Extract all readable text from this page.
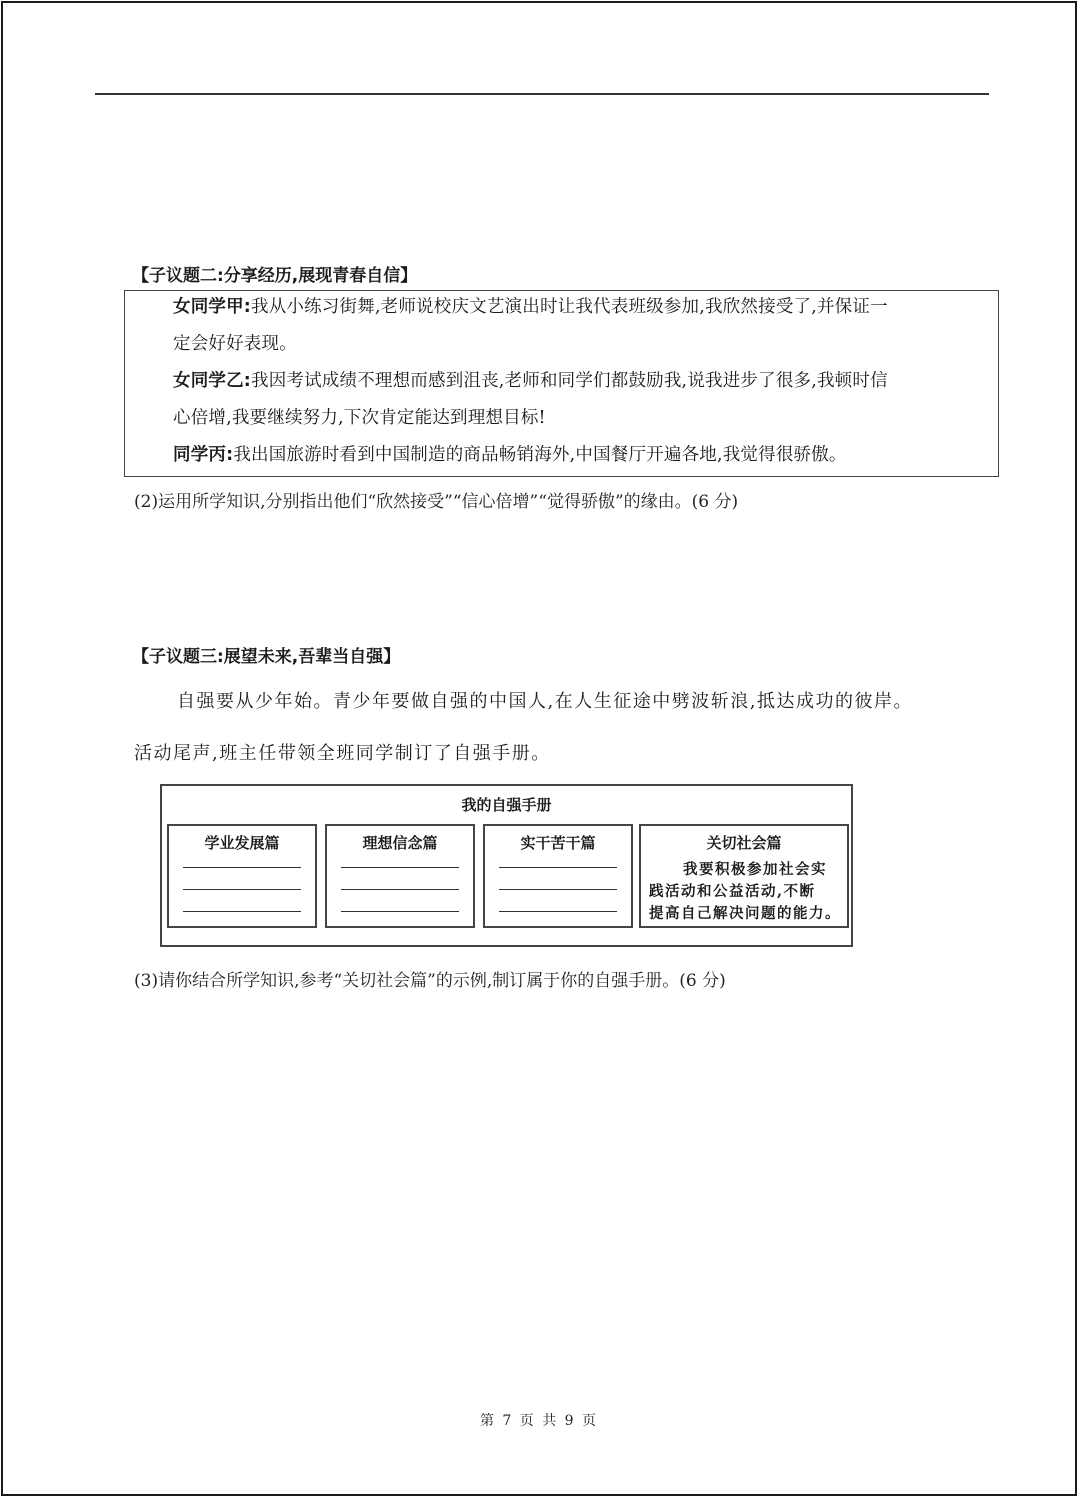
【子议题二:分享经历,展现青春自信】
女同学甲:我从小练习街舞,老师说校庆文艺演出时让我代表班级参加,我欣然接受了,并保证一
定会好好表现。
女同学乙:我因考试成绩不理想而感到沮丧,老师和同学们都鼓励我,说我进步了很多,我顿时信
心倍增,我要继续努力,下次肯定能达到理想目标!
同学丙:我出国旅游时看到中国制造的商品畅销海外,中国餐厅开遍各地,我觉得很骄傲。
(2)运用所学知识,分别指出他们“欣然接受”“信心倍增”“觉得骄傲”的缘由。(6 分)
【子议题三:展望未来,吾辈当自强】
自强要从少年始。青少年要做自强的中国人,在人生征途中劈波斩浪,抵达成功的彼岸。
活动尾声,班主任带领全班同学制订了自强手册。
我的自强手册
学业发展篇	理想信念篇	实干苦干篇	关切社会篇
我要积极参加社会实
践活动和公益活动,不断
提高自己解决问题的能力。
(3)请你结合所学知识,参考“关切社会篇”的示例,制订属于你的自强手册。(6 分)
第 7 页 共 9 页
